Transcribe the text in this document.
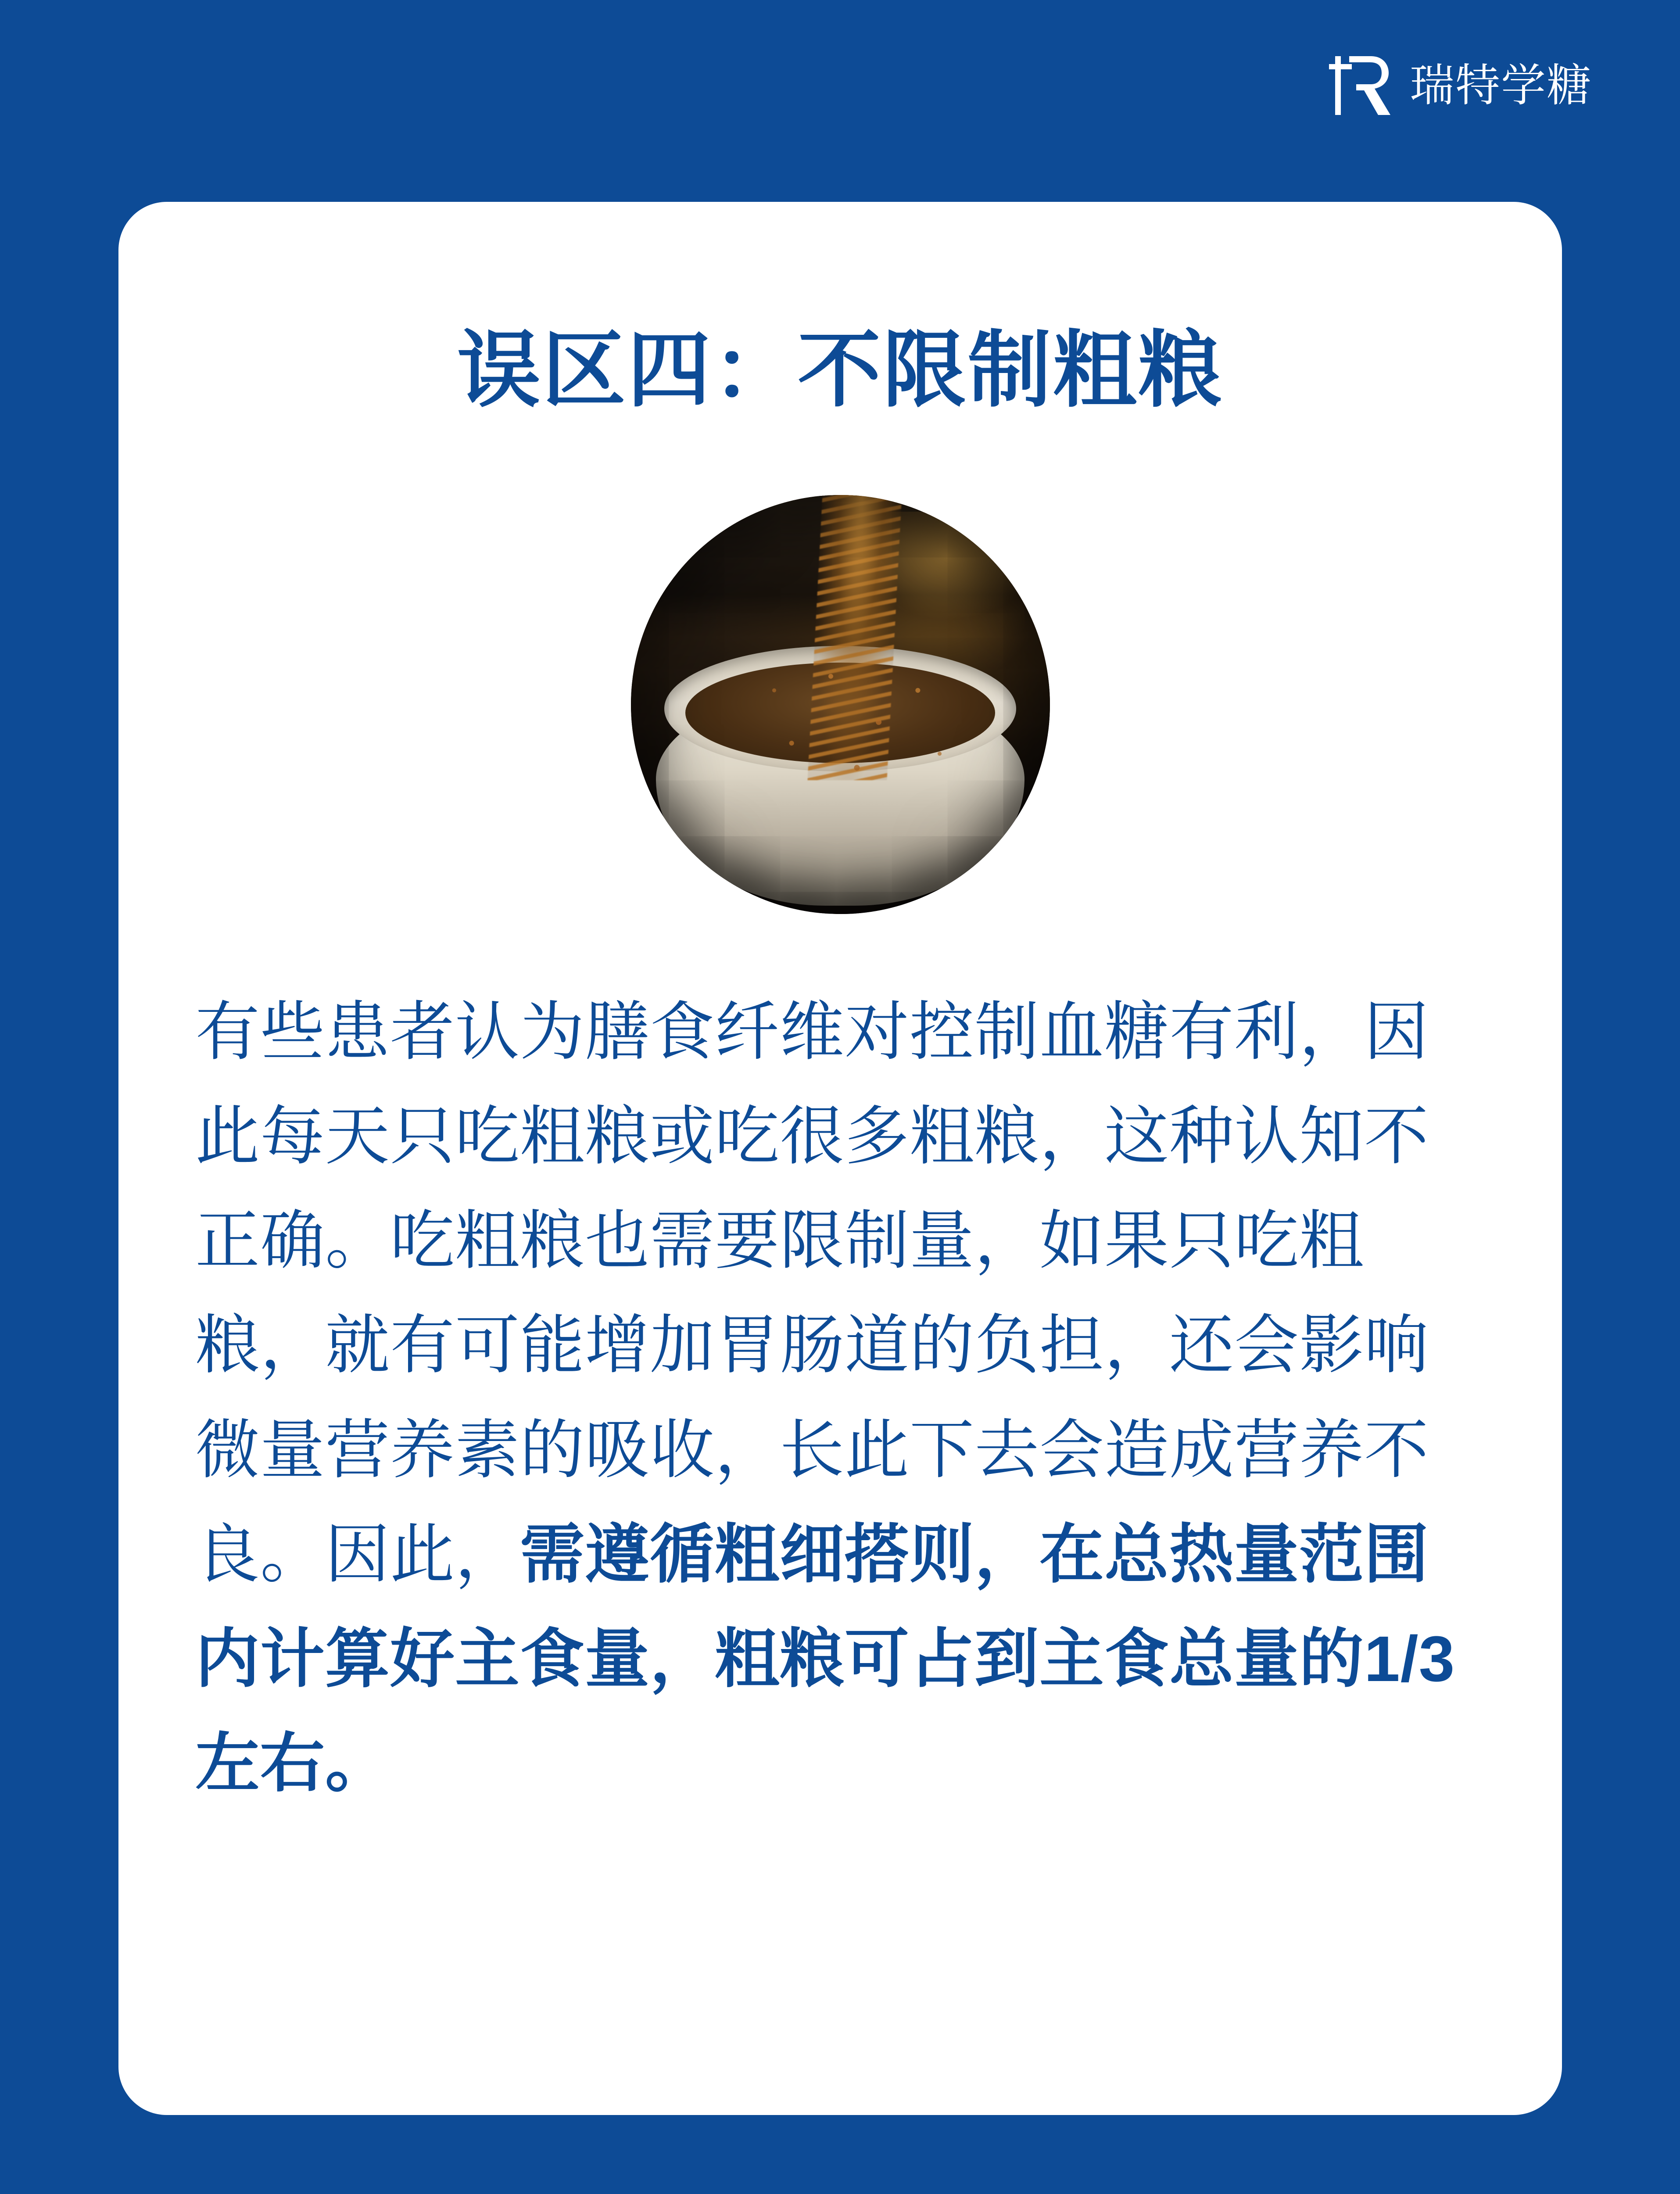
瑞特学糖
误区四：不限制粗粮

有些患者认为膳食纤维对控制血糖有利，因此每天只吃粗粮或吃很多粗粮，这种认知不正确。吃粗粮也需要限制量，如果只吃粗粮，就有可能增加胃肠道的负担，还会影响微量营养素的吸收，长此下去会造成营养不良。因此，需遵循粗细搭则，在总热量范围内计算好主食量，粗粮可占到主食总量的1/3左右。
